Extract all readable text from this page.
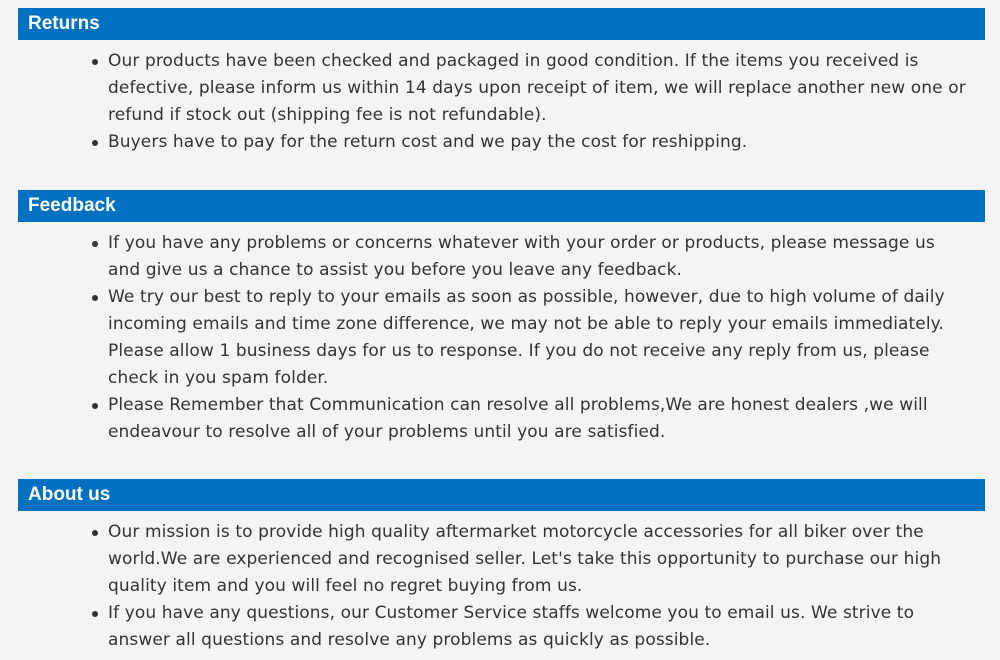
Returns
Our products have been checked and packaged in good condition. If the items you received is defective, please inform us within 14 days upon receipt of item, we will replace another new one or refund if stock out (shipping fee is not refundable).
Buyers have to pay for the return cost and we pay the cost for reshipping.
Feedback
If you have any problems or concerns whatever with your order or products, please message us and give us a chance to assist you before you leave any feedback.
We try our best to reply to your emails as soon as possible, however, due to high volume of daily incoming emails and time zone difference, we may not be able to reply your emails immediately. Please allow 1 business days for us to response. If you do not receive any reply from us, please check in you spam folder.
Please Remember that Communication can resolve all problems,We are honest dealers ,we will endeavour to resolve all of your problems until you are satisfied.
About us
Our mission is to provide high quality aftermarket motorcycle accessories for all biker over the world.We are experienced and recognised seller. Let's take this opportunity to purchase our high quality item and you will feel no regret buying from us.
If you have any questions, our Customer Service staffs welcome you to email us. We strive to answer all questions and resolve any problems as quickly as possible.
